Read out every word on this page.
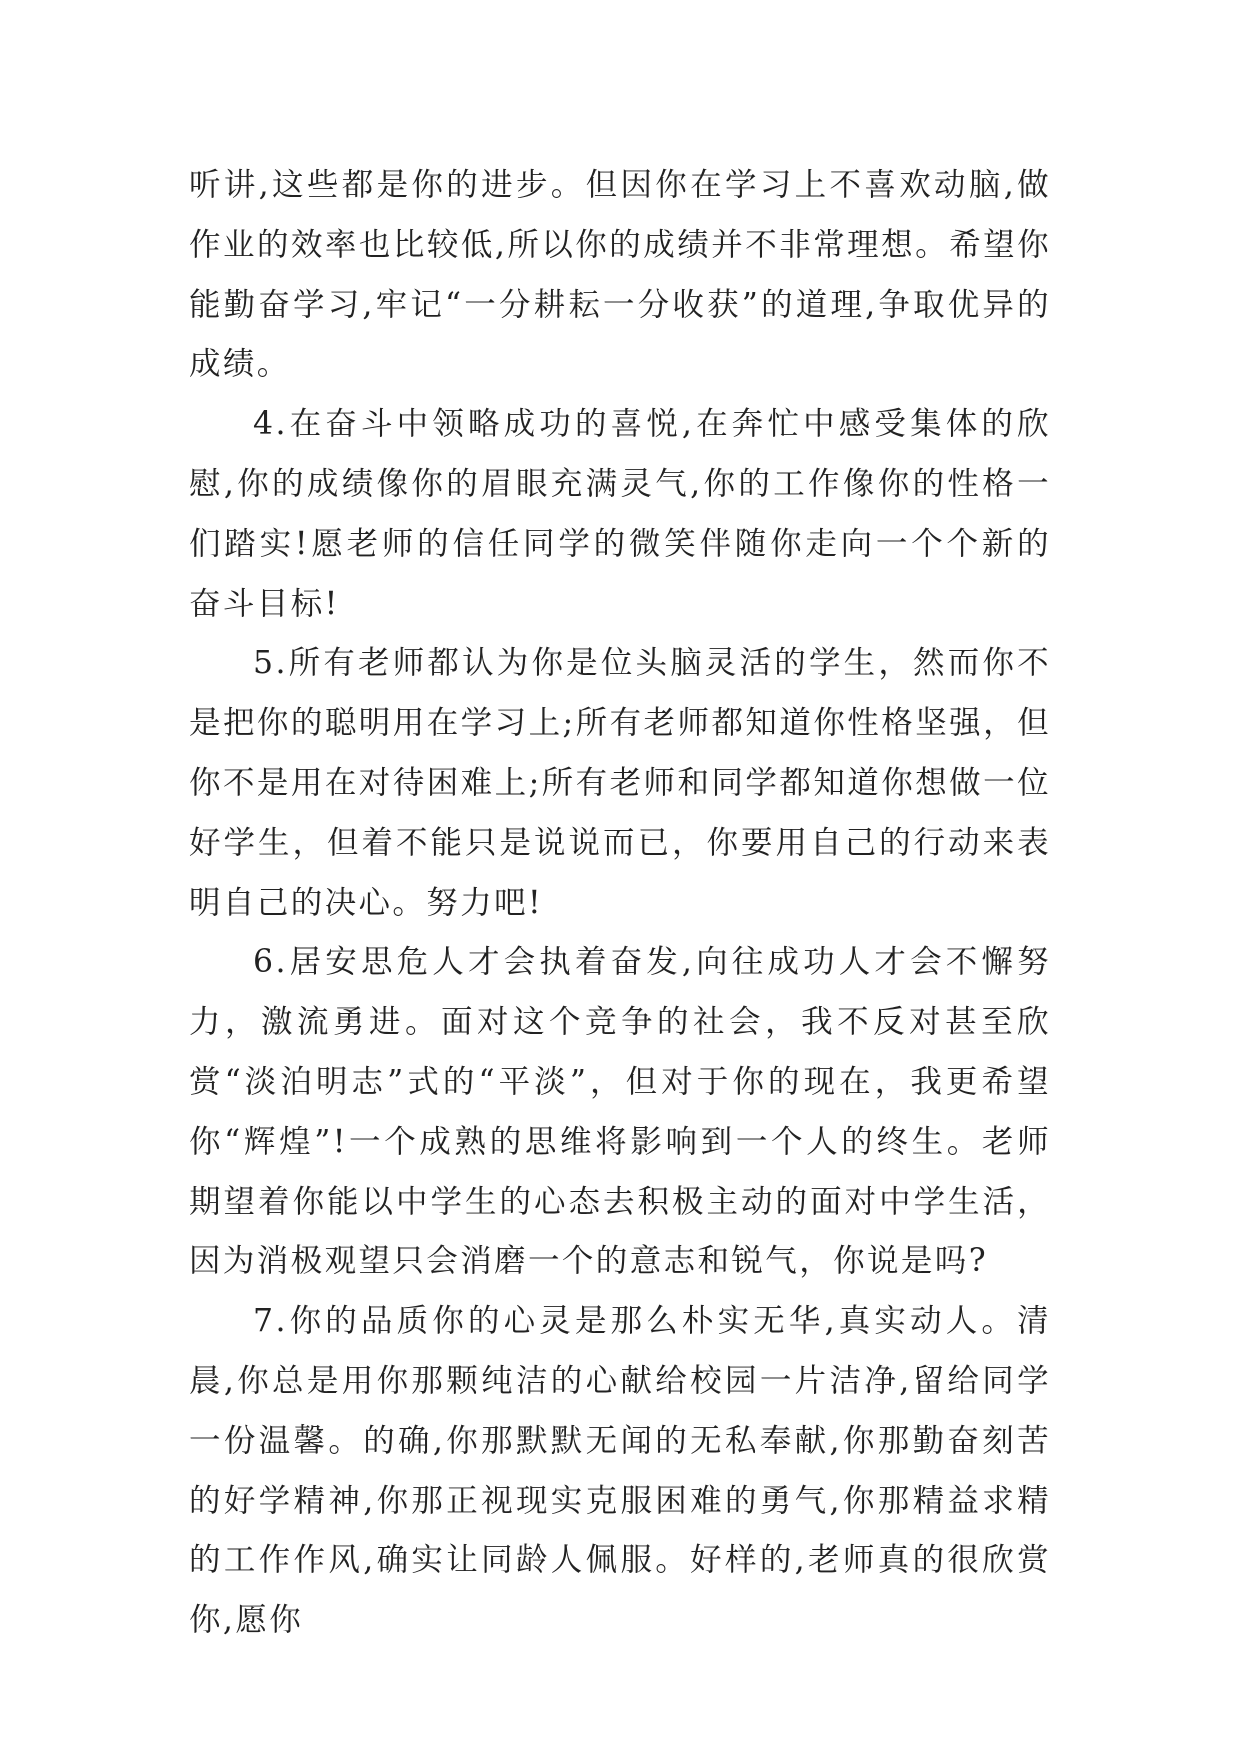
听讲,这些都是你的进步。但因你在学习上不喜欢动脑,做作业的效率也比较低,所以你的成绩并不非常理想。希望你能勤奋学习,牢记“一分耕耘一分收获”的道理,争取优异的成绩。

4.在奋斗中领略成功的喜悦,在奔忙中感受集体的欣慰,你的成绩像你的眉眼充满灵气,你的工作像你的性格一们踏实!愿老师的信任同学的微笑伴随你走向一个个新的奋斗目标!

5.所有老师都认为你是位头脑灵活的学生，然而你不是把你的聪明用在学习上;所有老师都知道你性格坚强，但你不是用在对待困难上;所有老师和同学都知道你想做一位好学生，但着不能只是说说而已，你要用自己的行动来表明自己的决心。努力吧!

6.居安思危人才会执着奋发,向往成功人才会不懈努力，激流勇进。面对这个竞争的社会，我不反对甚至欣赏“淡泊明志”式的“平淡”，但对于你的现在，我更希望你“辉煌”!一个成熟的思维将影响到一个人的终生。老师期望着你能以中学生的心态去积极主动的面对中学生活，因为消极观望只会消磨一个的意志和锐气，你说是吗?

7.你的品质你的心灵是那么朴实无华,真实动人。清晨,你总是用你那颗纯洁的心献给校园一片洁净,留给同学一份温馨。的确,你那默默无闻的无私奉献,你那勤奋刻苦的好学精神,你那正视现实克服困难的勇气,你那精益求精的工作作风,确实让同龄人佩服。好样的,老师真的很欣赏你,愿你
